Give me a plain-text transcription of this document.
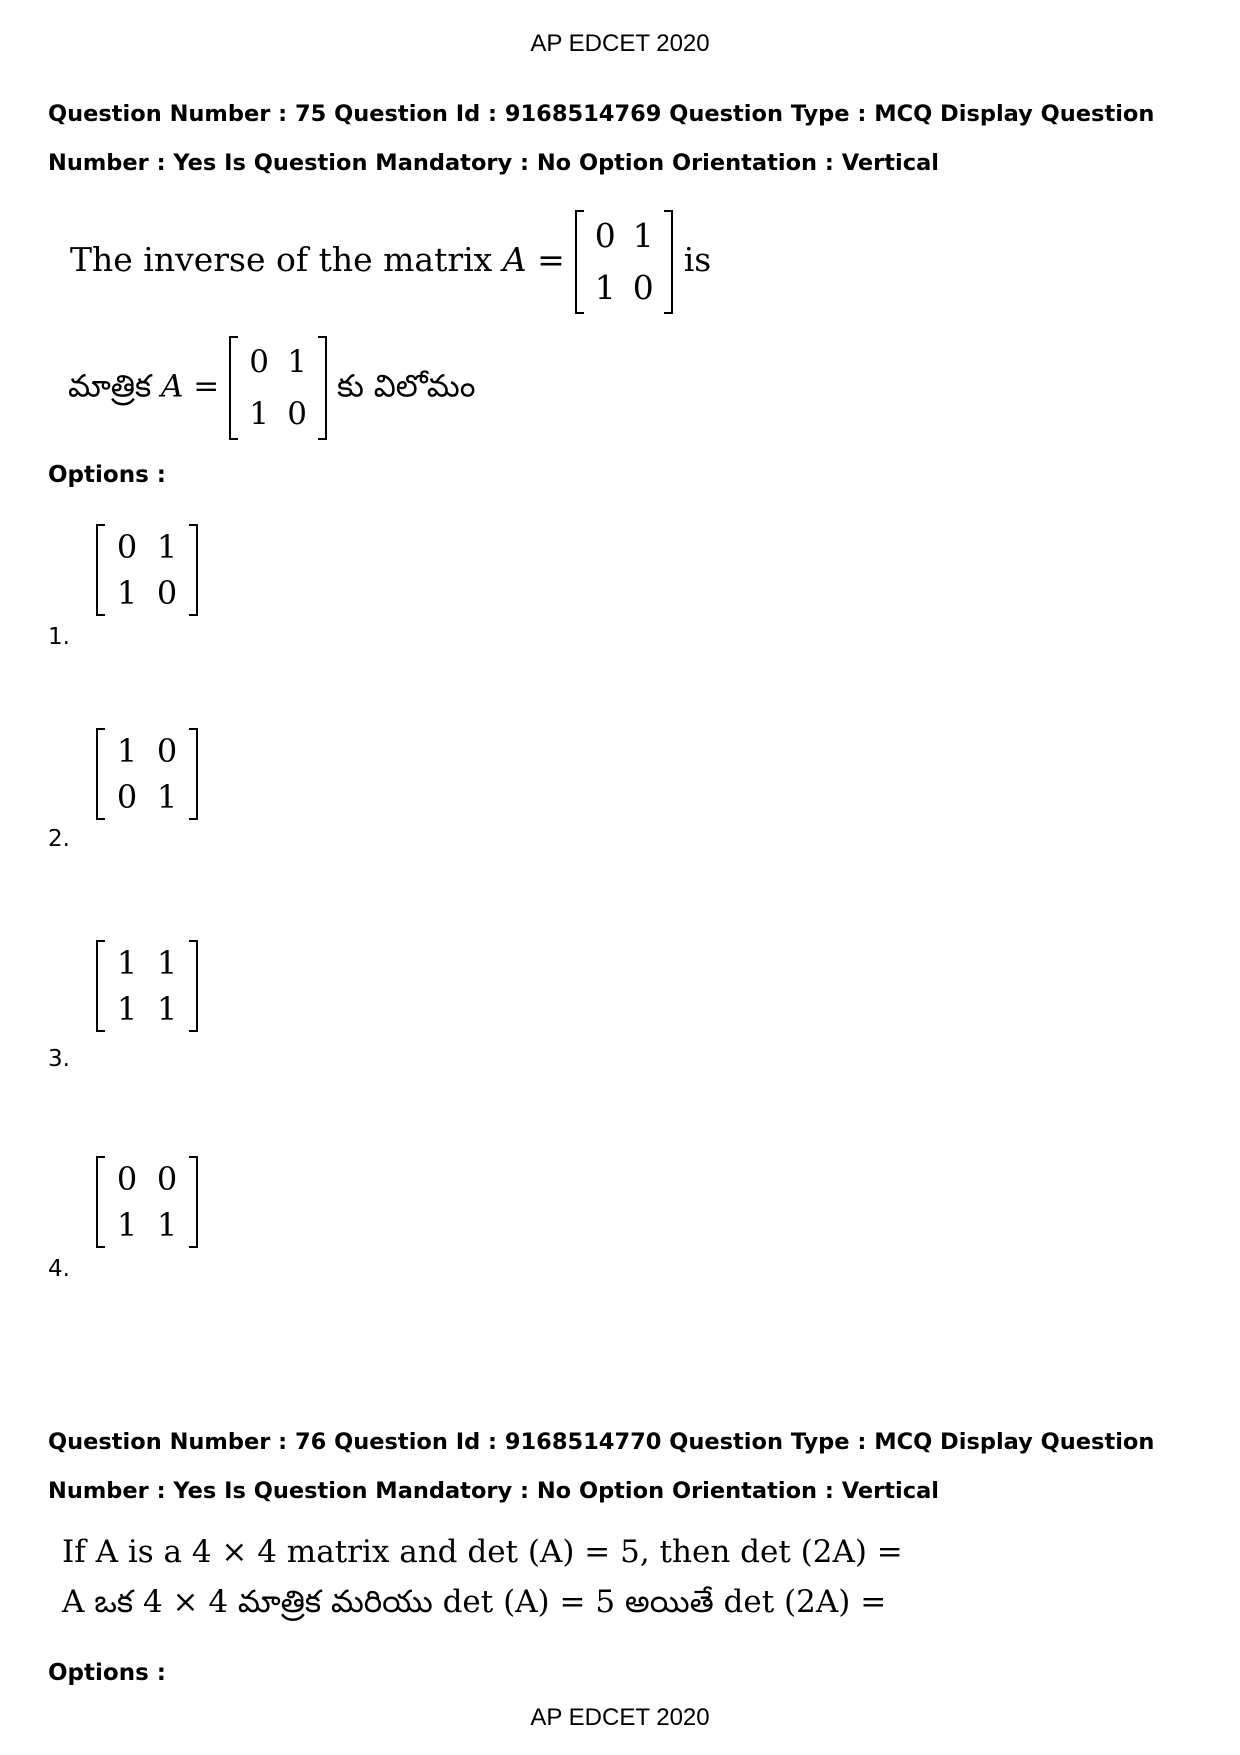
AP EDCET 2020
Question Number : 75 Question Id : 9168514769 Question Type : MCQ Display Question
Number : Yes Is Question Mandatory : No Option Orientation : Vertical
The inverse of the matrix A =
0 1
1 0
is
మాత్రిక A =
0 1
1 0
కు విలోమం
Options :
0 1
1 0
1.
1 0
0 1
2.
1 1
1 1
3.
0 0
1 1
4.
Question Number : 76 Question Id : 9168514770 Question Type : MCQ Display Question
Number : Yes Is Question Mandatory : No Option Orientation : Vertical
If A is a 4 × 4 matrix and det (A) = 5, then det (2A) =
A ఒక 4 × 4 మాత్రిక మరియు det (A) = 5 అయితే det (2A) =
Options :
AP EDCET 2020
